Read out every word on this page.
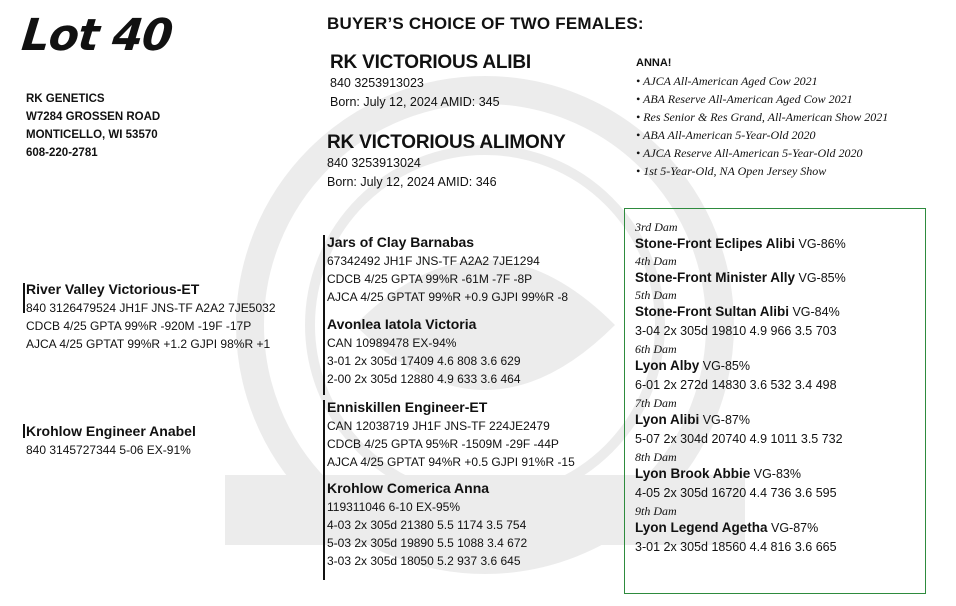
Lot 40
RK GENETICS
W7284 GROSSEN ROAD
MONTICELLO, WI 53570
608-220-2781
BUYER’S CHOICE OF TWO FEMALES:
RK VICTORIOUS ALIBI
840 3253913023
Born: July 12, 2024 AMID: 345
RK VICTORIOUS ALIMONY
840 3253913024
Born: July 12, 2024 AMID: 346
ANNA!
• AJCA All-American Aged Cow 2021
• ABA Reserve All-American Aged Cow 2021
• Res Senior & Res Grand, All-American Show 2021
• ABA All-American 5-Year-Old 2020
• AJCA Reserve All-American 5-Year-Old 2020
• 1st 5-Year-Old, NA Open Jersey Show
River Valley Victorious-ET
840 3126479524 JH1F JNS-TF A2A2 7JE5032
CDCB 4/25 GPTA 99%R -920M -19F -17P
AJCA 4/25 GPTAT 99%R +1.2 GJPI 98%R +1
Krohlow Engineer Anabel
840 3145727344 5-06 EX-91%
Jars of Clay Barnabas
67342492 JH1F JNS-TF A2A2 7JE1294
CDCB 4/25 GPTA 99%R -61M -7F -8P
AJCA 4/25 GPTAT 99%R +0.9 GJPI 99%R -8
Avonlea Iatola Victoria
CAN 10989478 EX-94%
3-01 2x 305d 17409 4.6 808 3.6 629
2-00 2x 305d 12880 4.9 633 3.6 464
Enniskillen Engineer-ET
CAN 12038719 JH1F JNS-TF 224JE2479
CDCB 4/25 GPTA 95%R -1509M -29F -44P
AJCA 4/25 GPTAT 94%R +0.5 GJPI 91%R -15
Krohlow Comerica Anna
119311046 6-10 EX-95%
4-03 2x 305d 21380 5.5 1174 3.5 754
5-03 2x 305d 19890 5.5 1088 3.4 672
3-03 2x 305d 18050 5.2 937 3.6 645
3rd Dam
Stone-Front Eclipes Alibi VG-86%
4th Dam
Stone-Front Minister Ally VG-85%
5th Dam
Stone-Front Sultan Alibi VG-84%
3-04 2x 305d 19810 4.9 966 3.5 703
6th Dam
Lyon Alby VG-85%
6-01 2x 272d 14830 3.6 532 3.4 498
7th Dam
Lyon Alibi VG-87%
5-07 2x 304d 20740 4.9 1011 3.5 732
8th Dam
Lyon Brook Abbie VG-83%
4-05 2x 305d 16720 4.4 736 3.6 595
9th Dam
Lyon Legend Agetha VG-87%
3-01 2x 305d 18560 4.4 816 3.6 665
